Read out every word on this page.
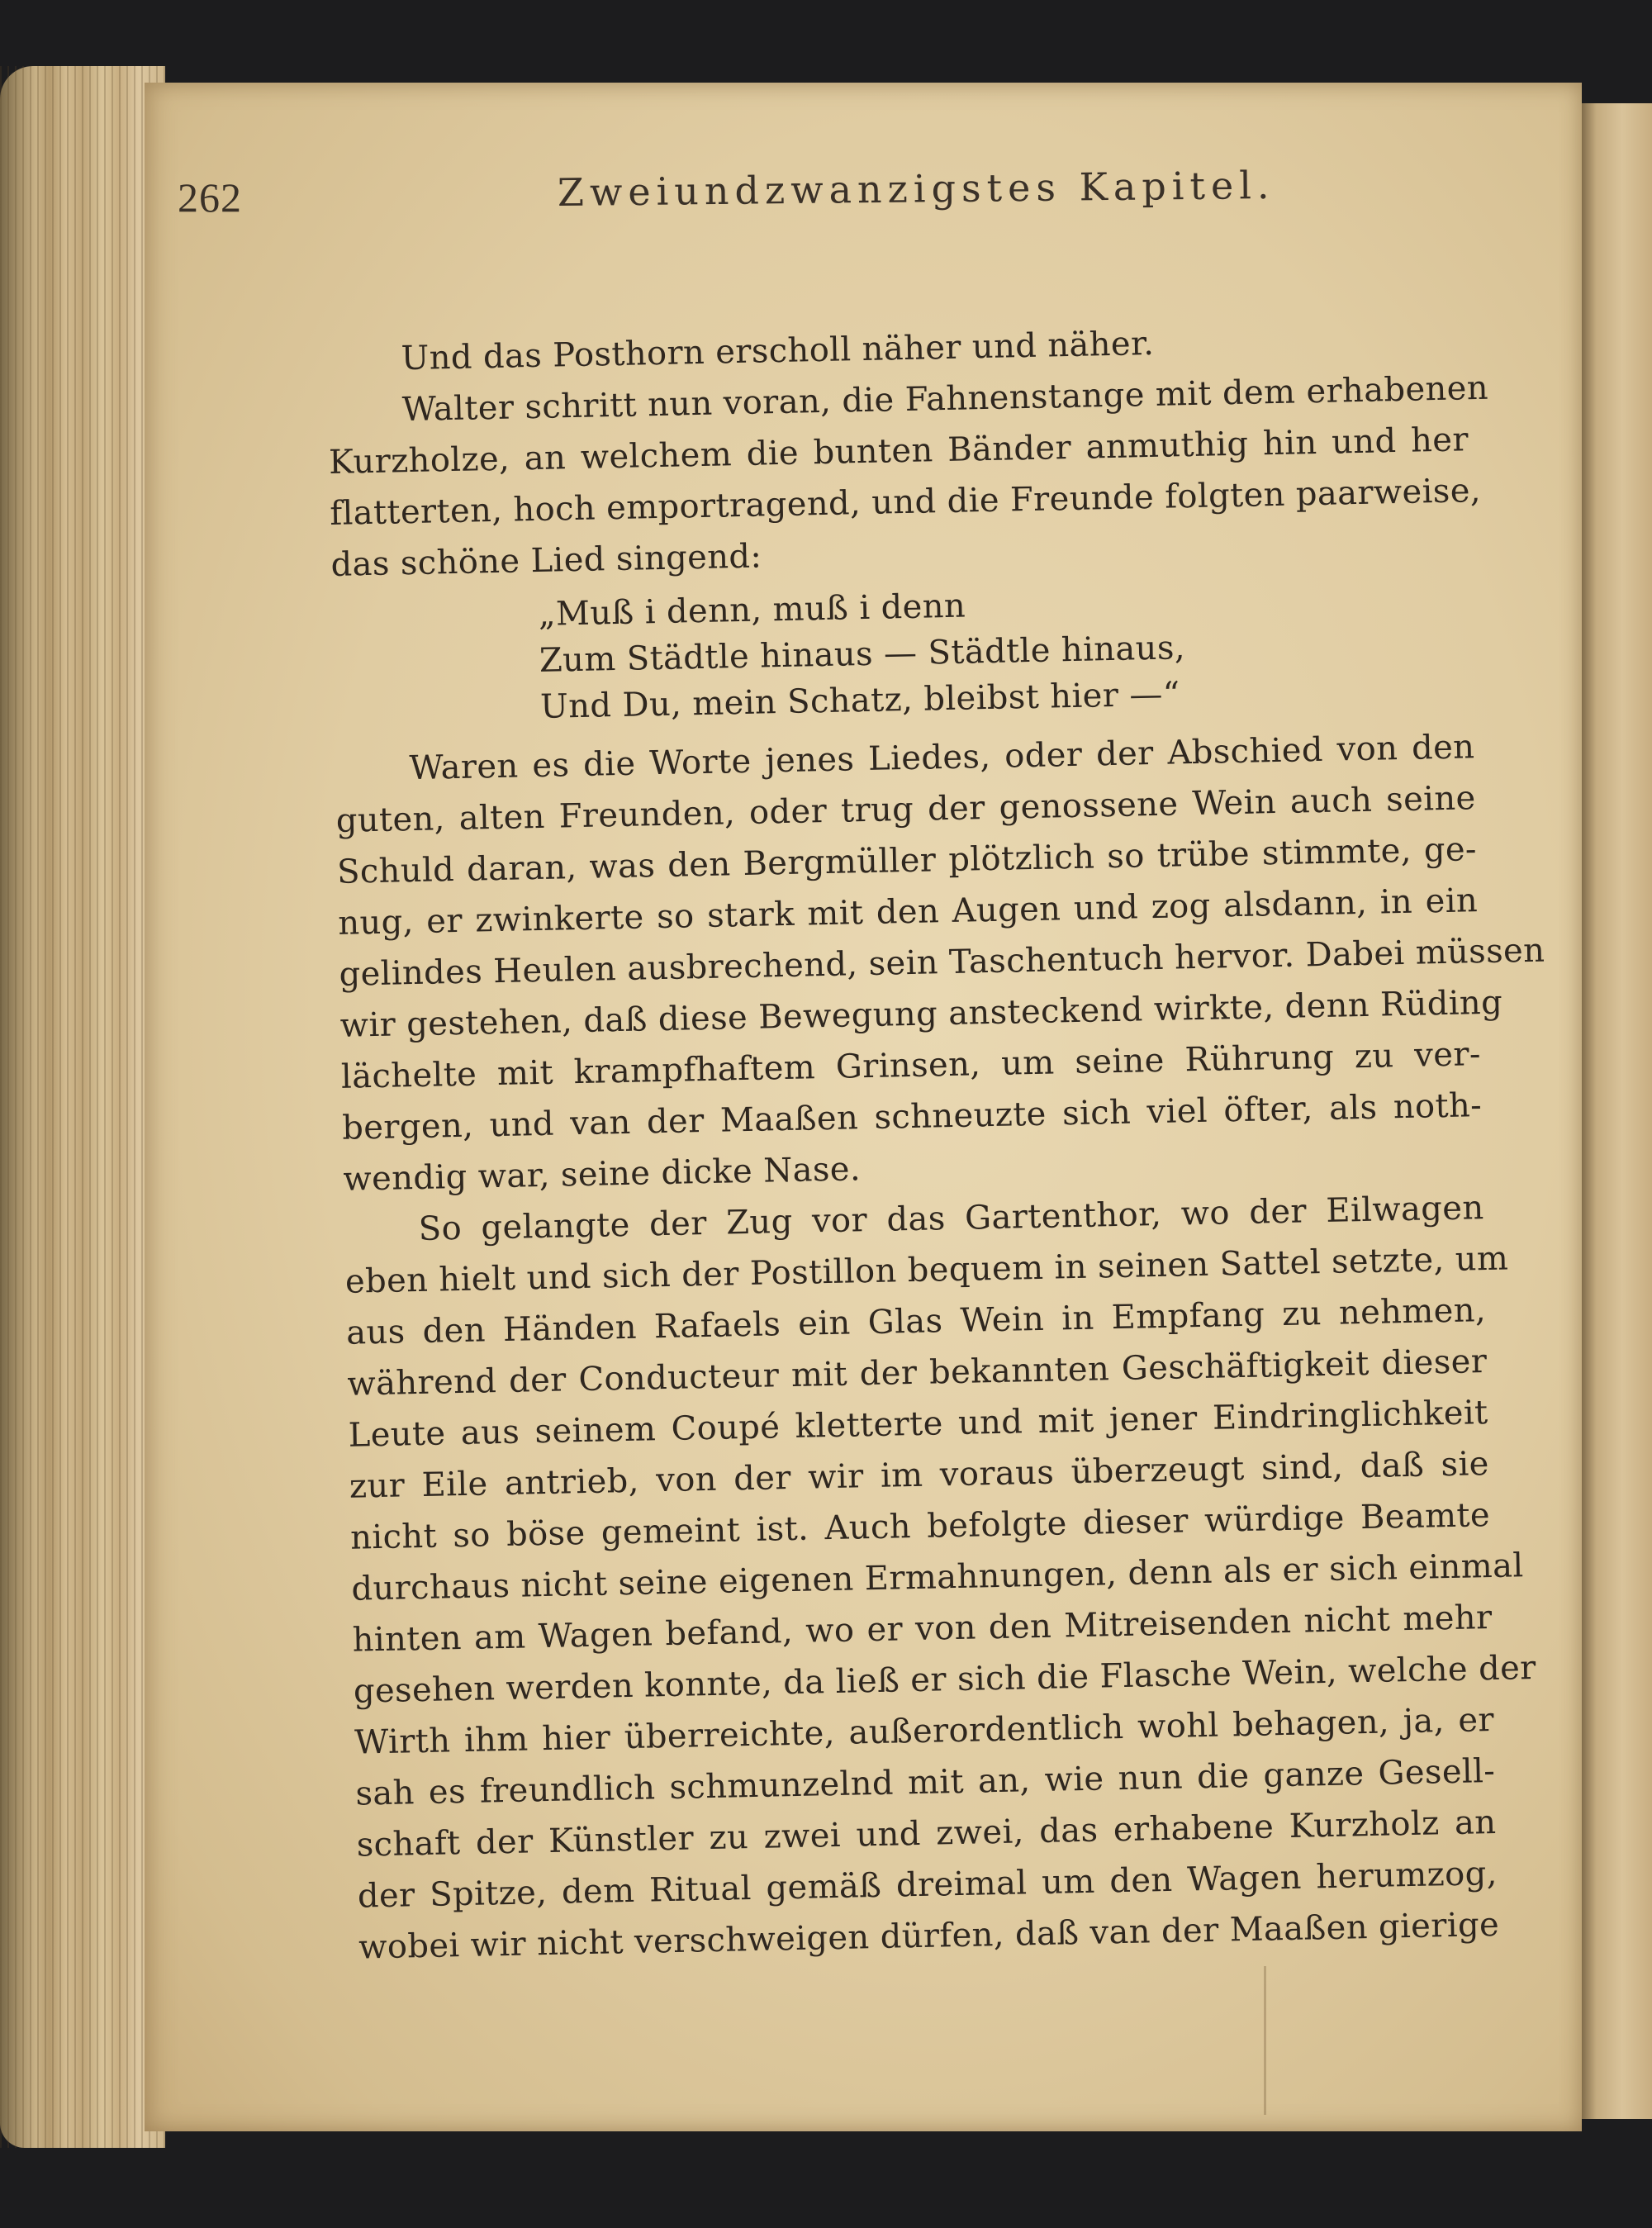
262	Zweiundzwanzigstes Kapitel.
Und das Posthorn erscholl näher und näher.
Walter schritt nun voran, die Fahnenstange mit dem erhabenen
Kurzholze, an welchem die bunten Bänder anmuthig hin und her
flatterten, hoch emportragend, und die Freunde folgten paarweise,
das schöne Lied singend:
„Muß i denn, muß i denn
Zum Städtle hinaus — Städtle hinaus,
Und Du, mein Schatz, bleibst hier —“
Waren es die Worte jenes Liedes, oder der Abschied von den
guten, alten Freunden, oder trug der genossene Wein auch seine
Schuld daran, was den Bergmüller plötzlich so trübe stimmte, ge-
nug, er zwinkerte so stark mit den Augen und zog alsdann, in ein
gelindes Heulen ausbrechend, sein Taschentuch hervor. Dabei müssen
wir gestehen, daß diese Bewegung ansteckend wirkte, denn Rüding
lächelte mit krampfhaftem Grinsen, um seine Rührung zu ver-
bergen, und van der Maaßen schneuzte sich viel öfter, als noth-
wendig war, seine dicke Nase.
So gelangte der Zug vor das Gartenthor, wo der Eilwagen
eben hielt und sich der Postillon bequem in seinen Sattel setzte, um
aus den Händen Rafaels ein Glas Wein in Empfang zu nehmen,
während der Conducteur mit der bekannten Geschäftigkeit dieser
Leute aus seinem Coupé kletterte und mit jener Eindringlichkeit
zur Eile antrieb, von der wir im voraus überzeugt sind, daß sie
nicht so böse gemeint ist. Auch befolgte dieser würdige Beamte
durchaus nicht seine eigenen Ermahnungen, denn als er sich einmal
hinten am Wagen befand, wo er von den Mitreisenden nicht mehr
gesehen werden konnte, da ließ er sich die Flasche Wein, welche der
Wirth ihm hier überreichte, außerordentlich wohl behagen, ja, er
sah es freundlich schmunzelnd mit an, wie nun die ganze Gesell-
schaft der Künstler zu zwei und zwei, das erhabene Kurzholz an
der Spitze, dem Ritual gemäß dreimal um den Wagen herumzog,
wobei wir nicht verschweigen dürfen, daß van der Maaßen gierige
